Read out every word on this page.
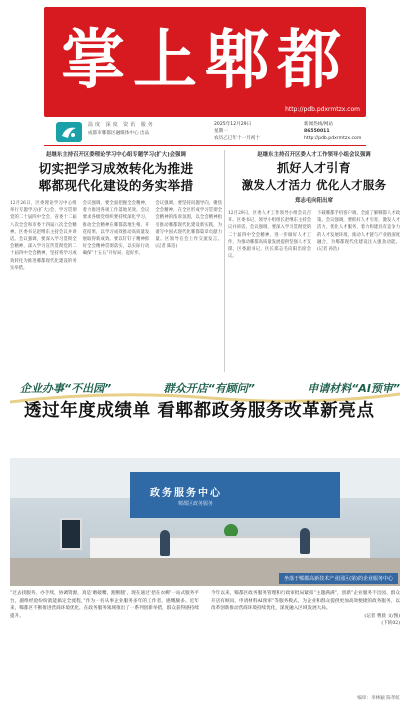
掌上郫都
http://pdb.pdxrmtzx.com
温度 深度 资讯 服务
成都市郫都区融媒体中心 出品
2025年12月29日
星期一
农历乙巳年十一月初十
新闻热线/网站
86550011
http://pdb.pdxrmtzx.com
赵继东主持召开区委理论学习中心组专题学习(扩大)会强调
切实把学习成效转化为推进
郫都现代化建设的务实举措
12月26日，区委理论学习中心组举行专题学习(扩大)会，学习贯彻党的二十届四中全会、省委十二届八次全会和市委十四届八次全会精神。区委书记赵继东主持会议并讲话。会议强调，要深入学习贯彻全会精神，深入学习宣传贯彻党的二十届四中全会精神，坚持将学习成效转化为推进郫都现代化建设的务实举措。
会议强调，要全面把握全会精神，着力推进各项工作落地见效。会议要求各级党组织要持续深化学习，推动全会精神在郫都落地生根、开花结果，以学习成效推动高质量发展取得新成效。要以钉钉子精神抓好全会精神贯彻落实，以实际行动确保“十五五”开好局、起好步。
会议强调，要坚持问题导向，聚焦全会精神，在全区形成学习贯彻全会精神的浓厚氛围，以全会精神指引推动郫都现代化建设新实践，为谱写中国式现代化郫都篇章贡献力量。区领导在会上作交流发言。 (记者 陈洁)
赵继东主持召开区委人才工作领导小组会议强调
抓好人才引育
激发人才活力 优化人才服务
郑志毛向阳出席
12月29日，区委人才工作领导小组会议召开。区委书记、领导小组组长赵继东主持会议并讲话。会议强调，要深入学习贯彻党的二十届四中全会精神，进一步做好人才工作，为推动郫都高质量发展提供坚强人才支撑。区委副书记、区长郑志毛向阳出席会议。
下载郫都手机客户端，全面了解郫都人才政策。会议强调，要抓好人才引育，激发人才活力，优化人才服务，着力构建具有竞争力的人才发展环境，推动人才链与产业链深度融合，为郫都现代化建设注入强劲动能。 (记者 孙浩)
企业办事“不出园”	群众开店“有顾问”	申请材料“AI预审”
透过年度成绩单 看郫都政务服务改革新亮点
政务服务中心
郫都区政务服务
坐落于郫都高新技术产业园区(第)的企业服务中心
“过去找服务、办手续，协调资源，真是‘磨破嘴、跑断腿’，现在通过‘拾在衣柳’一站式服务平台，副组经验纷纷就能搞定全流程，”作为一名从事企业服务多年的工作者，感慨颇多。近年来，郫都区不断推进营商环境优化，在政务服务领域推出了一系列创新举措，群众获得感持续提升。
今年以来，郫都区政务服务管理和行政审批局紧扣“主题满满”，创新“企业服务不出园、群众开店有顾问、申请材料AI预审”等服务模式，为企业和群众提供更加高效便捷的政务服务，以改革创新推动营商环境持续优化，深度融入区域发展大局。
(记者 曹晨 文/图)
(下转02)
编审：李林颖 陈孝虹
